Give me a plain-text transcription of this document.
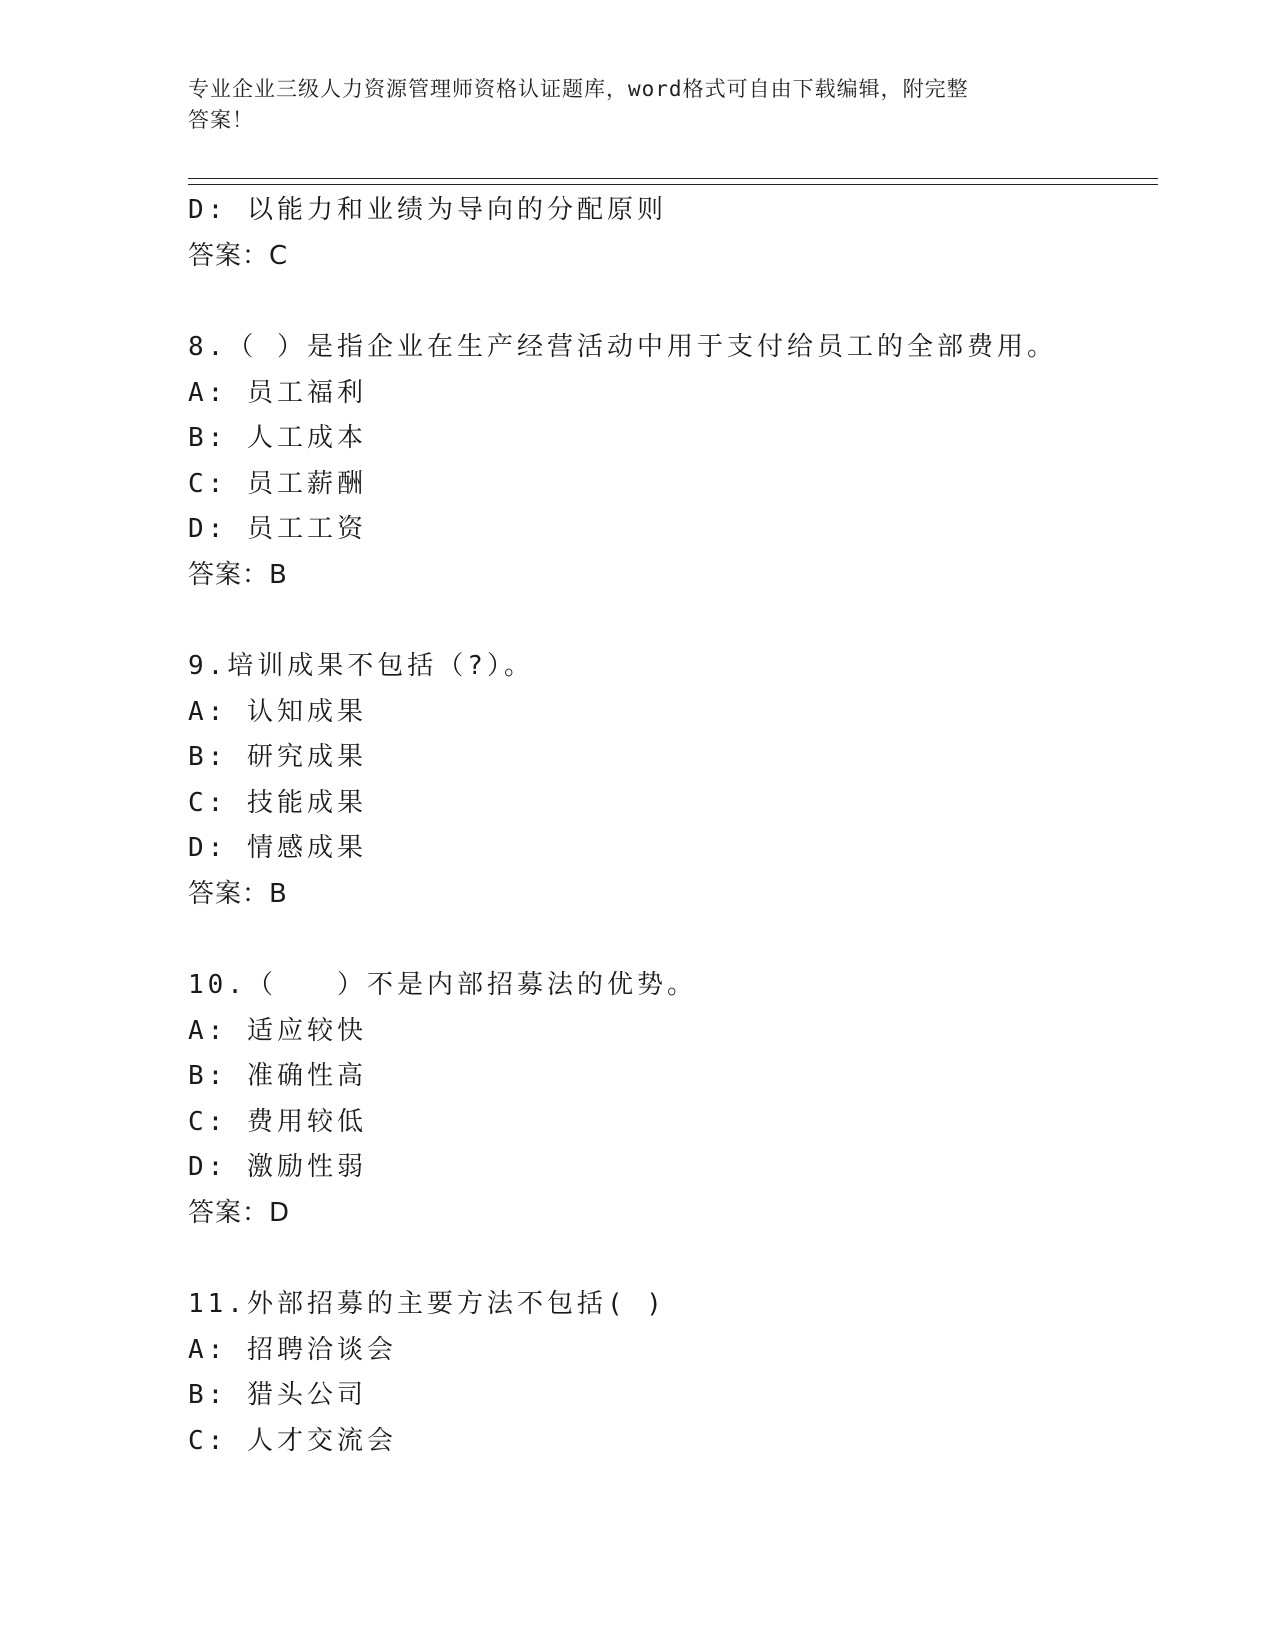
专业企业三级人力资源管理师资格认证题库，word格式可自由下载编辑，附完整
答案！
D: 以能力和业绩为导向的分配原则
答案：C
8.（ ）是指企业在生产经营活动中用于支付给员工的全部费用。
A: 员工福利
B: 人工成本
C: 员工薪酬
D: 员工工资
答案：B
9.培训成果不包括（?）。
A: 认知成果
B: 研究成果
C: 技能成果
D: 情感成果
答案：B
10.（　　）不是内部招募法的优势。
A: 适应较快
B: 准确性高
C: 费用较低
D: 激励性弱
答案：D
11.外部招募的主要方法不包括( )
A: 招聘洽谈会
B: 猎头公司
C: 人才交流会
